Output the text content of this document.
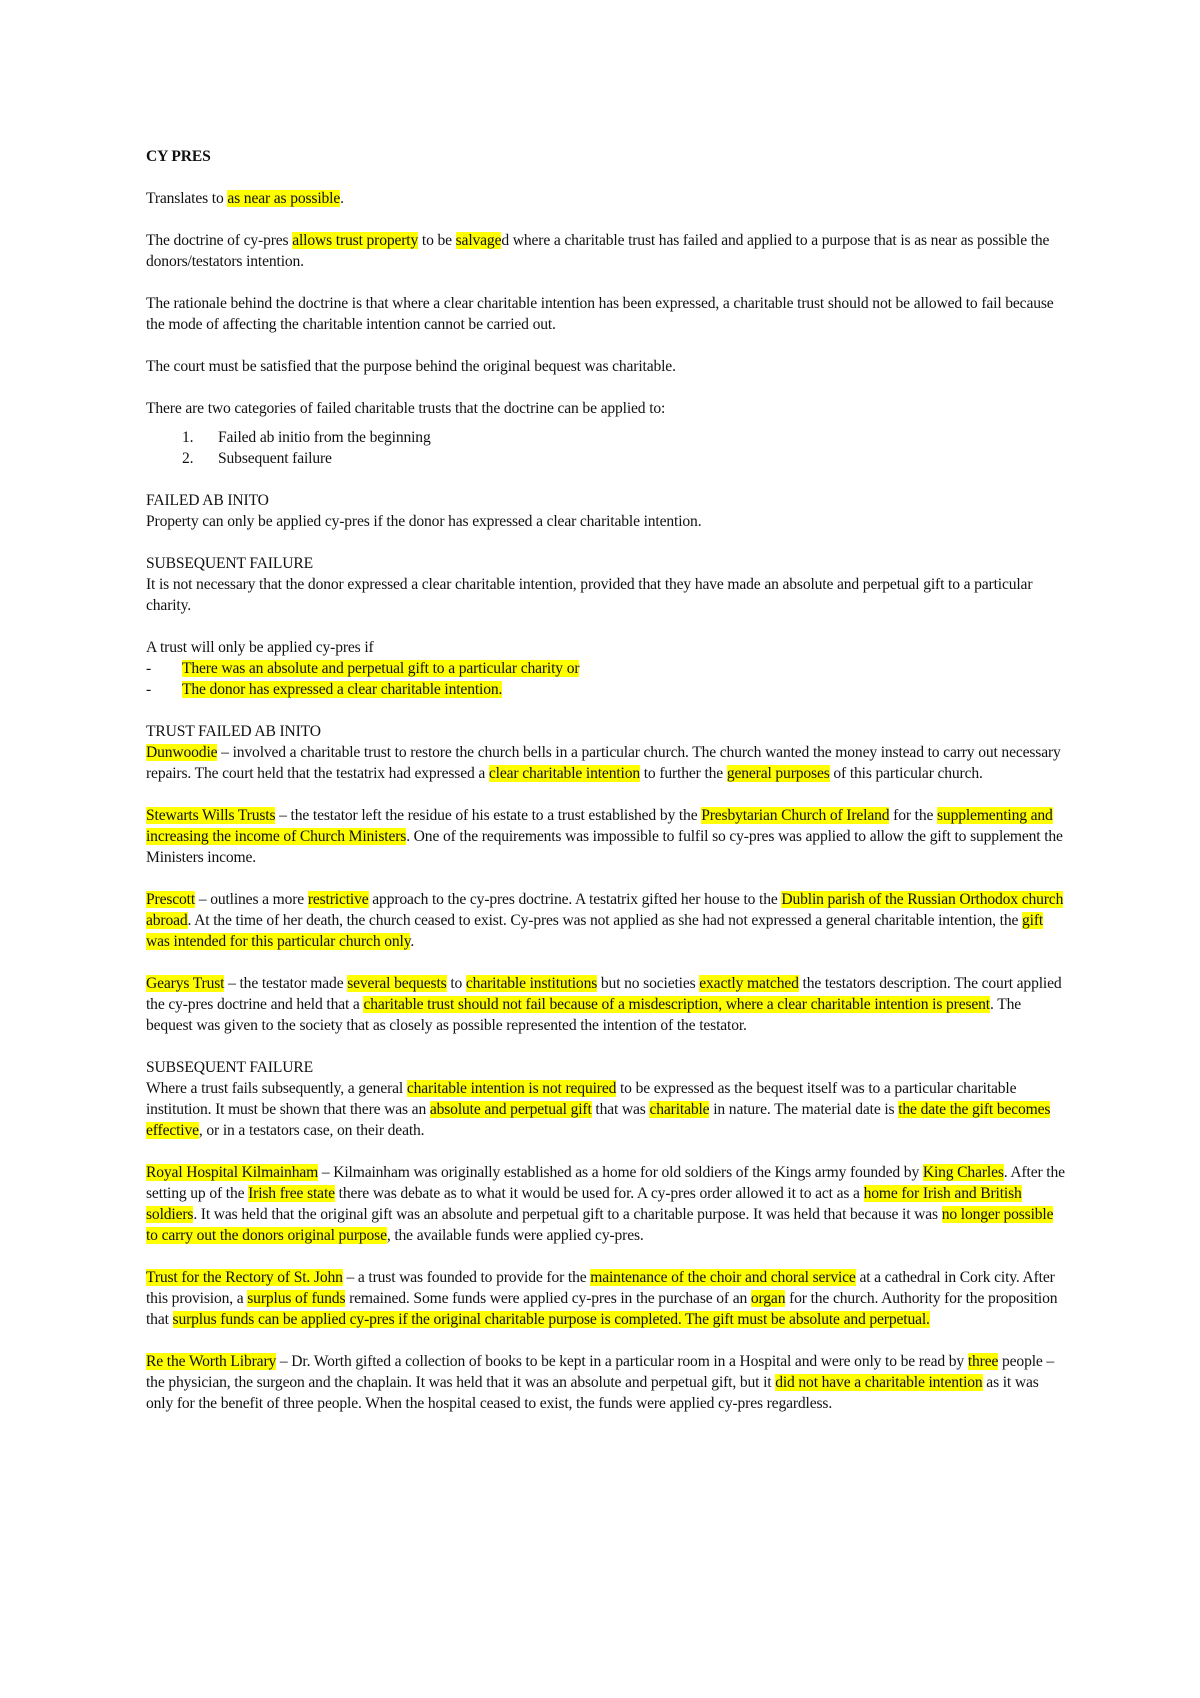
CY PRES

Translates to as near as possible.

The doctrine of cy-pres allows trust property to be salvaged where a charitable trust has failed and applied to a purpose that is as near as possible the donors/testators intention.

The rationale behind the doctrine is that where a clear charitable intention has been expressed, a charitable trust should not be allowed to fail because the mode of affecting the charitable intention cannot be carried out.

The court must be satisfied that the purpose behind the original bequest was charitable.

There are two categories of failed charitable trusts that the doctrine can be applied to:

1. Failed ab initio from the beginning
2. Subsequent failure

FAILED AB INITO

Property can only be applied cy-pres if the donor has expressed a clear charitable intention.

SUBSEQUENT FAILURE

It is not necessary that the donor expressed a clear charitable intention, provided that they have made an absolute and perpetual gift to a particular charity.

A trust will only be applied cy-pres if

- There was an absolute and perpetual gift to a particular charity or
- The donor has expressed a clear charitable intention.

TRUST FAILED AB INITO

Dunwoodie – involved a charitable trust to restore the church bells in a particular church. The church wanted the money instead to carry out necessary repairs. The court held that the testatrix had expressed a clear charitable intention to further the general purposes of this particular church.

Stewarts Wills Trusts – the testator left the residue of his estate to a trust established by the Presbytarian Church of Ireland for the supplementing and increasing the income of Church Ministers. One of the requirements was impossible to fulfil so cy-pres was applied to allow the gift to supplement the Ministers income.

Prescott – outlines a more restrictive approach to the cy-pres doctrine. A testatrix gifted her house to the Dublin parish of the Russian Orthodox church abroad. At the time of her death, the church ceased to exist. Cy-pres was not applied as she had not expressed a general charitable intention, the gift was intended for this particular church only.

Gearys Trust – the testator made several bequests to charitable institutions but no societies exactly matched the testators description. The court applied the cy-pres doctrine and held that a charitable trust should not fail because of a misdescription, where a clear charitable intention is present. The bequest was given to the society that as closely as possible represented the intention of the testator.

SUBSEQUENT FAILURE

Where a trust fails subsequently, a general charitable intention is not required to be expressed as the bequest itself was to a particular charitable institution. It must be shown that there was an absolute and perpetual gift that was charitable in nature. The material date is the date the gift becomes effective, or in a testators case, on their death.

Royal Hospital Kilmainham – Kilmainham was originally established as a home for old soldiers of the Kings army founded by King Charles. After the setting up of the Irish free state there was debate as to what it would be used for. A cy-pres order allowed it to act as a home for Irish and British soldiers. It was held that the original gift was an absolute and perpetual gift to a charitable purpose. It was held that because it was no longer possible to carry out the donors original purpose, the available funds were applied cy-pres.

Trust for the Rectory of St. John – a trust was founded to provide for the maintenance of the choir and choral service at a cathedral in Cork city. After this provision, a surplus of funds remained. Some funds were applied cy-pres in the purchase of an organ for the church. Authority for the proposition that surplus funds can be applied cy-pres if the original charitable purpose is completed. The gift must be absolute and perpetual.

Re the Worth Library – Dr. Worth gifted a collection of books to be kept in a particular room in a Hospital and were only to be read by three people – the physician, the surgeon and the chaplain. It was held that it was an absolute and perpetual gift, but it did not have a charitable intention as it was only for the benefit of three people. When the hospital ceased to exist, the funds were applied cy-pres regardless.
